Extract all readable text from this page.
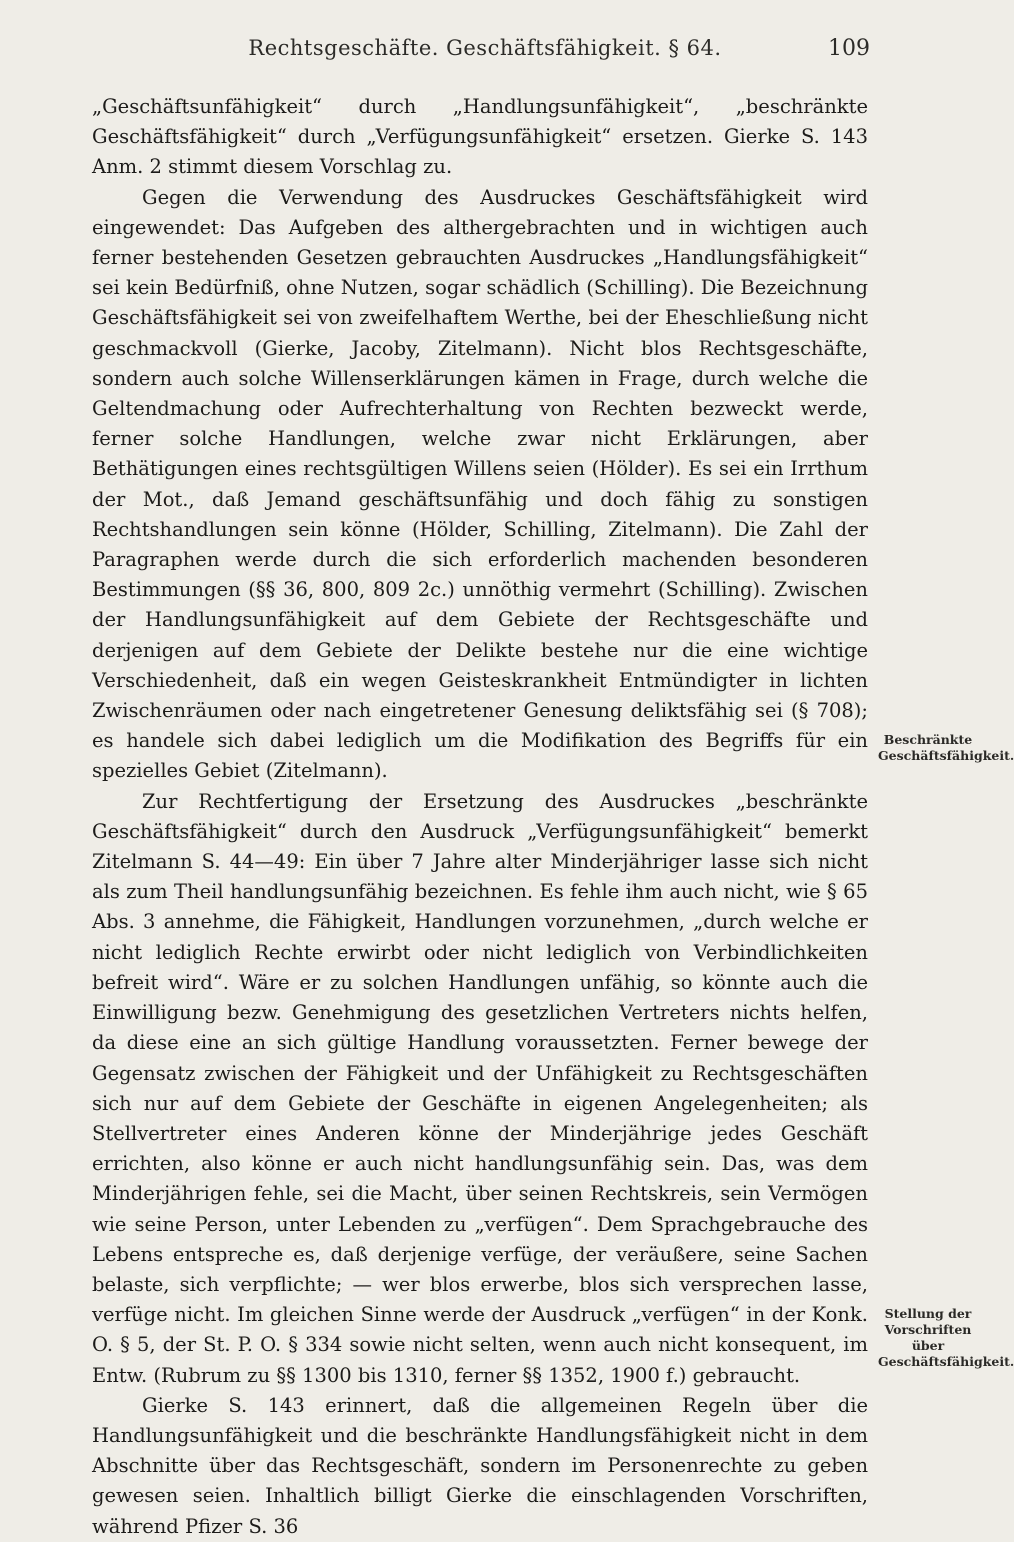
Rechtsgeschäfte. Geschäftsfähigkeit. § 64.	109

„Geschäftsunfähigkeit“ durch „Handlungsunfähigkeit“, „beschränkte Geschäftsfähigkeit“ durch „Verfügungsunfähigkeit“ ersetzen. Gierke S. 143 Anm. 2 stimmt diesem Vorschlag zu.

Gegen die Verwendung des Ausdruckes Geschäftsfähigkeit wird eingewendet: Das Aufgeben des althergebrachten und in wichtigen auch ferner bestehenden Gesetzen gebrauchten Ausdruckes „Handlungsfähigkeit“ sei kein Bedürfniß, ohne Nutzen, sogar schädlich (Schilling). Die Bezeichnung Geschäftsfähigkeit sei von zweifelhaftem Werthe, bei der Eheschließung nicht geschmackvoll (Gierke, Jacoby, Zitelmann). Nicht blos Rechtsgeschäfte, sondern auch solche Willenserklärungen kämen in Frage, durch welche die Geltendmachung oder Aufrechterhaltung von Rechten bezweckt werde, ferner solche Handlungen, welche zwar nicht Erklärungen, aber Bethätigungen eines rechtsgültigen Willens seien (Hölder). Es sei ein Irrthum der Mot., daß Jemand geschäftsunfähig und doch fähig zu sonstigen Rechtshandlungen sein könne (Hölder, Schilling, Zitelmann). Die Zahl der Paragraphen werde durch die sich erforderlich machenden besonderen Bestimmungen (§§ 36, 800, 809 2c.) unnöthig vermehrt (Schilling). Zwischen der Handlungsunfähigkeit auf dem Gebiete der Rechtsgeschäfte und derjenigen auf dem Gebiete der Delikte bestehe nur die eine wichtige Verschiedenheit, daß ein wegen Geisteskrankheit Entmündigter in lichten Zwischenräumen oder nach eingetretener Genesung deliktsfähig sei (§ 708); es handele sich dabei lediglich um die Modifikation des Begriffs für ein spezielles Gebiet (Zitelmann).

Zur Rechtfertigung der Ersetzung des Ausdruckes „beschränkte Geschäftsfähigkeit“ durch den Ausdruck „Verfügungsunfähigkeit“ bemerkt Zitelmann S. 44—49: Ein über 7 Jahre alter Minderjähriger lasse sich nicht als zum Theil handlungsunfähig bezeichnen. Es fehle ihm auch nicht, wie § 65 Abs. 3 annehme, die Fähigkeit, Handlungen vorzunehmen, „durch welche er nicht lediglich Rechte erwirbt oder nicht lediglich von Verbindlichkeiten befreit wird“. Wäre er zu solchen Handlungen unfähig, so könnte auch die Einwilligung bezw. Genehmigung des gesetzlichen Vertreters nichts helfen, da diese eine an sich gültige Handlung voraussetzten. Ferner bewege der Gegensatz zwischen der Fähigkeit und der Unfähigkeit zu Rechtsgeschäften sich nur auf dem Gebiete der Geschäfte in eigenen Angelegenheiten; als Stellvertreter eines Anderen könne der Minderjährige jedes Geschäft errichten, also könne er auch nicht handlungsunfähig sein. Das, was dem Minderjährigen fehle, sei die Macht, über seinen Rechtskreis, sein Vermögen wie seine Person, unter Lebenden zu „verfügen“. Dem Sprachgebrauche des Lebens entspreche es, daß derjenige verfüge, der veräußere, seine Sachen belaste, sich verpflichte; — wer blos erwerbe, blos sich versprechen lasse, verfüge nicht. Im gleichen Sinne werde der Ausdruck „verfügen“ in der Konk. O. § 5, der St. P. O. § 334 sowie nicht selten, wenn auch nicht konsequent, im Entw. (Rubrum zu §§ 1300 bis 1310, ferner §§ 1352, 1900 f.) gebraucht.

Gierke S. 143 erinnert, daß die allgemeinen Regeln über die Handlungsunfähigkeit und die beschränkte Handlungsfähigkeit nicht in dem Abschnitte über das Rechtsgeschäft, sondern im Personenrechte zu geben gewesen seien. Inhaltlich billigt Gierke die einschlagenden Vorschriften, während Pfizer S. 36

Beschränkte Geschäftsfähigkeit.
Stellung der Vorschriften über Geschäftsfähigkeit.
